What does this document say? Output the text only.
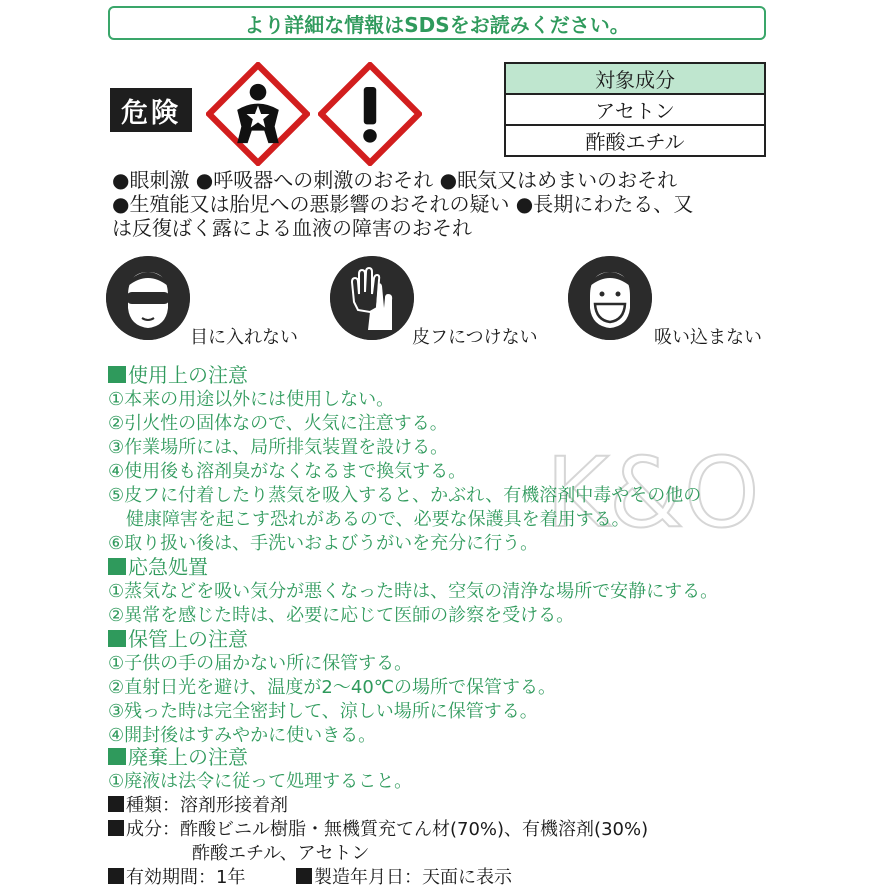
より詳細な情報はSDSをお読みください。
危険
対象成分
アセトン
酢酸エチル
●眼刺激 ●呼吸器への刺激のおそれ ●眠気又はめまいのおそれ
●生殖能又は胎児への悪影響のおそれの疑い ●長期にわたる、又
は反復ばく露による血液の障害のおそれ
目に入れない	皮フにつけない	吸い込まない
K&O
使用上の注意
①本来の用途以外には使用しない。
②引火性の固体なので、火気に注意する。
③作業場所には、局所排気装置を設ける。
④使用後も溶剤臭がなくなるまで換気する。
⑤皮フに付着したり蒸気を吸入すると、かぶれ、有機溶剤中毒やその他の
　健康障害を起こす恐れがあるので、必要な保護具を着用する。
⑥取り扱い後は、手洗いおよびうがいを充分に行う。
応急処置
①蒸気などを吸い気分が悪くなった時は、空気の清浄な場所で安静にする。
②異常を感じた時は、必要に応じて医師の診察を受ける。
保管上の注意
①子供の手の届かない所に保管する。
②直射日光を避け、温度が2～40℃の場所で保管する。
③残った時は完全密封して、涼しい場所に保管する。
④開封後はすみやかに使いきる。
廃棄上の注意
①廃液は法令に従って処理すること。
種類：溶剤形接着剤
成分：酢酸ビニル樹脂・無機質充てん材(70%)、有機溶剤(30%)
酢酸エチル、アセトン
有効期間：1年	製造年月日：天面に表示
